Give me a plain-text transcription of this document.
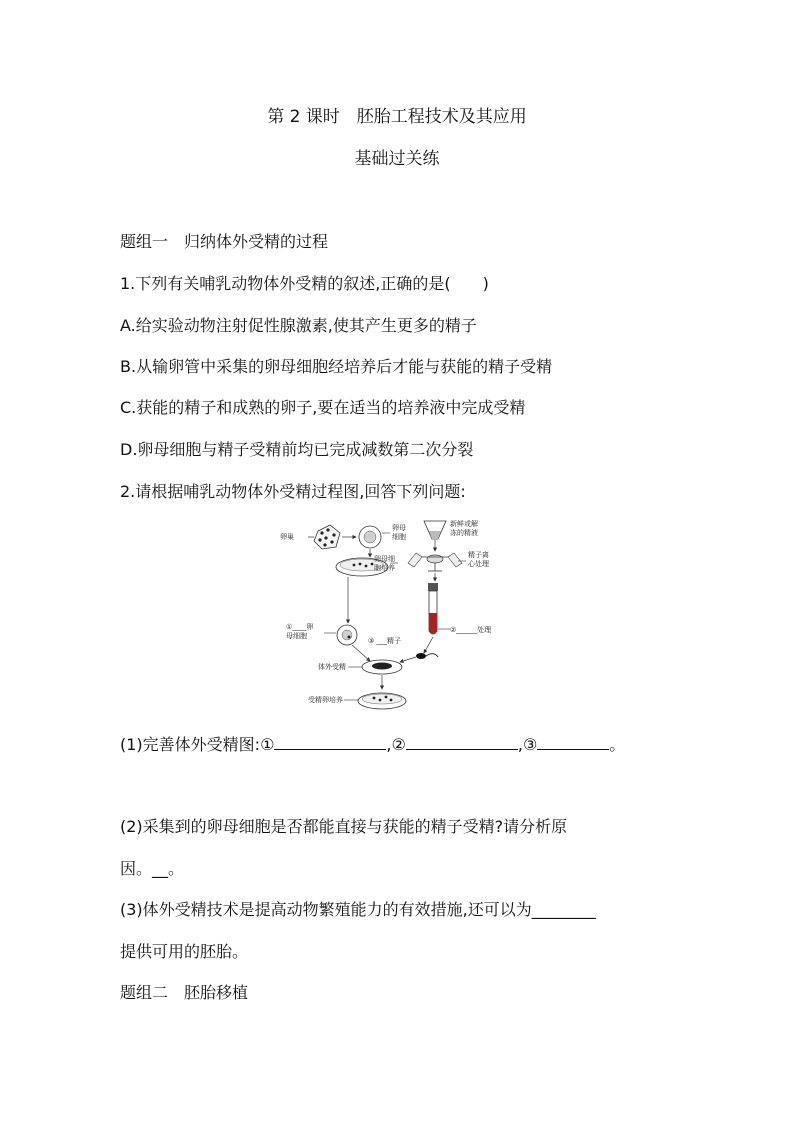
第 2 课时　胚胎工程技术及其应用
基础过关练
题组一　归纳体外受精的过程
1.下列有关哺乳动物体外受精的叙述,正确的是(　　)
A.给实验动物注射促性腺激素,使其产生更多的精子
B.从输卵管中采集的卵母细胞经培养后才能与获能的精子受精
C.获能的精子和成熟的卵子,要在适当的培养液中完成受精
D.卵母细胞与精子受精前均已完成减数第二次分裂
2.请根据哺乳动物体外受精过程图,回答下列问题:
卵巢
卵母
细胞
卵母细
胞培养
新鲜或解
冻的精液
精子离
心处理
②______处理
①____卵
母细胞
③ ___精子
体外受精
受精卵培养
(1)完善体外受精图:①	,②	,③	。
(2)采集到的卵母细胞是否都能直接与获能的精子受精?请分析原
因。__。
(3)体外受精技术是提高动物繁殖能力的有效措施,还可以为________
提供可用的胚胎。
题组二　胚胎移植
